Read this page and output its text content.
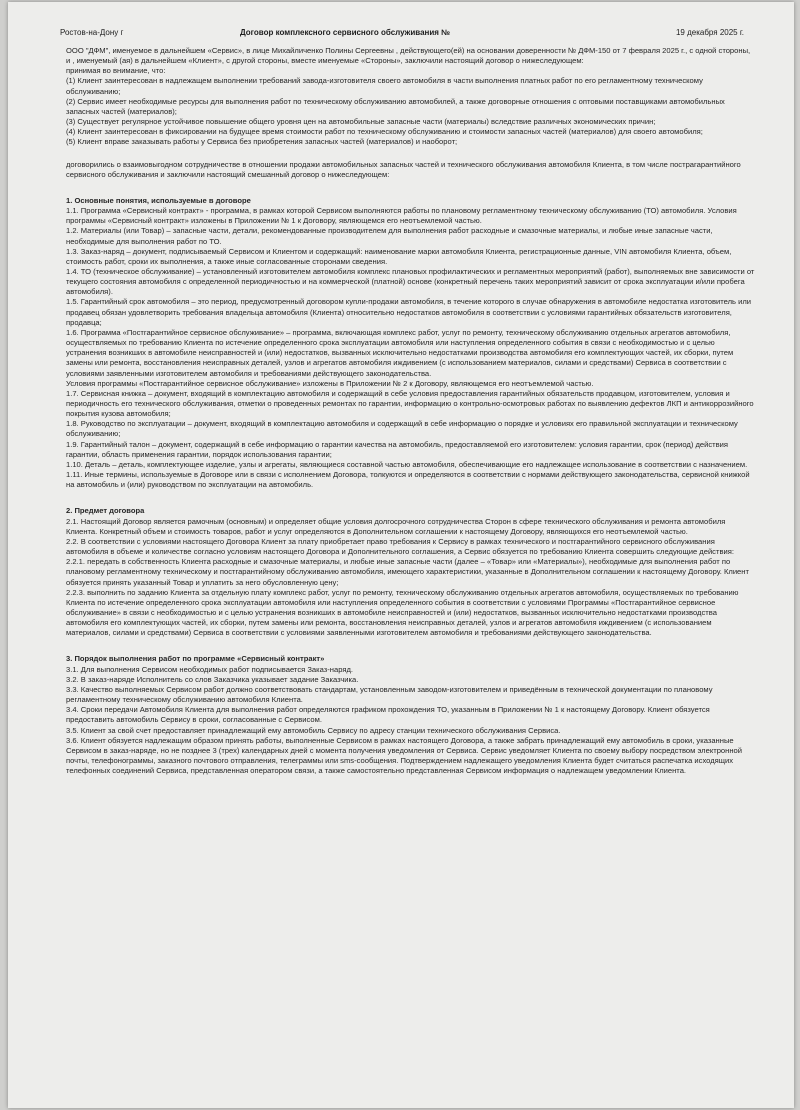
Ростов-на-Дону г	Договор комплексного сервисного обслуживания №	19 декабря 2025 г.

ООО "ДФМ", именуемое в дальнейшем «Сервис», в лице Михайличенко Полины Сергеевны , действующего(ей) на основании доверенности № ДФМ-150 от 7 февраля 2025 г., с одной стороны, и , именуемый (ая) в дальнейшем «Клиент», с другой стороны, вместе именуемые «Стороны», заключили настоящий договор о нижеследующем:

принимая во внимание, что:

(1) Клиент заинтересован в надлежащем выполнении требований завода-изготовителя своего автомобиля в части выполнения платных работ по его регламентному техническому обслуживанию;

(2) Сервис имеет необходимые ресурсы для выполнения работ по техническому обслуживанию автомобилей, а также договорные отношения с оптовыми поставщиками автомобильных запасных частей (материалов);

(3) Существует регулярное устойчивое повышение общего уровня цен на автомобильные запасные части (материалы) вследствие различных экономических причин;

(4) Клиент заинтересован в фиксировании на будущее время стоимости работ по техническому обслуживанию и стоимости запасных частей (материалов) для своего автомобиля;

(5) Клиент вправе заказывать работы у Сервиса без приобретения запасных частей (материалов) и наоборот;

договорились о взаимовыгодном сотрудничестве в отношении продажи автомобильных запасных частей и технического обслуживания автомобиля Клиента, в том числе пострагарантийного сервисного обслуживания и заключили настоящий смешанный договор о нижеследующем:

1. Основные понятия, используемые в договоре

1.1. Программа «Сервисный контракт» - программа, в рамках которой Сервисом выполняются работы по плановому регламентному техническому обслуживанию (ТО) автомобиля. Условия программы «Сервисный контракт» изложены в Приложении № 1 к Договору, являющемся его неотъемлемой частью.

1.2. Материалы (или Товар) – запасные части, детали, рекомендованные производителем для выполнения работ расходные и смазочные материалы, и любые иные запасные части, необходимые для выполнения работ по ТО.

1.3. Заказ-наряд – документ, подписываемый Сервисом и Клиентом и содержащий: наименование марки автомобиля Клиента, регистрационные данные, VIN автомобиля Клиента, объем, стоимость работ, сроки их выполнения, а также иные согласованные сторонами сведения.

1.4. ТО (техническое обслуживание) – установленный изготовителем автомобиля комплекс плановых профилактических и регламентных мероприятий (работ), выполняемых вне зависимости от текущего состояния автомобиля с определенной периодичностью и на коммерческой (платной) основе (конкретный перечень таких мероприятий зависит от срока эксплуатации и/или пробега автомобиля).

1.5. Гарантийный срок автомобиля – это период, предусмотренный договором купли-продажи автомобиля, в течение которого в случае обнаружения в автомобиле недостатка изготовитель или продавец обязан удовлетворить требования владельца автомобиля (Клиента) относительно недостатков автомобиля в соответствии с условиями гарантийных обязательств изготовителя, продавца;

1.6. Программа «Постгарантийное сервисное обслуживание» – программа, включающая комплекс работ, услуг по ремонту, техническому обслуживанию отдельных агрегатов автомобиля, осуществляемых по требованию Клиента по истечение определенного срока эксплуатации автомобиля или наступления определенного события в связи с необходимостью и с целью устранения возникших в автомобиле неисправностей и (или) недостатков, вызванных исключительно недостатками производства автомобиля его комплектующих частей, их сборки, путем замены или ремонта, восстановления неисправных деталей, узлов и агрегатов автомобиля иждивением (с использованием материалов, силами и средствами) Сервиса в соответствии с условиями заявленными изготовителем автомобиля и требованиями действующего законодательства.

Условия программы «Постгарантийное сервисное обслуживание» изложены в Приложении № 2 к Договору, являющемся его неотъемлемой частью.

1.7. Сервисная книжка – документ, входящий в комплектацию автомобиля и содержащий в себе условия предоставления гарантийных обязательств продавцом, изготовителем, условия и периодичность его технического обслуживания, отметки о проведенных ремонтах по гарантии, информацию о контрольно-осмотровых работах по выявлению дефектов ЛКП и антикоррозийного покрытия кузова автомобиля;

1.8. Руководство по эксплуатации – документ, входящий в комплектацию автомобиля и содержащий в себе информацию о порядке и условиях его правильной эксплуатации и техническому обслуживанию;

1.9. Гарантийный талон – документ, содержащий в себе информацию о гарантии качества на автомобиль, предоставляемой его изготовителем: условия гарантии, срок (период) действия гарантии, область применения гарантии, порядок использования гарантии;

1.10. Деталь – деталь, комплектующее изделие, узлы и агрегаты, являющиеся составной частью автомобиля, обеспечивающие его надлежащее использование в соответствии с назначением.

1.11. Иные термины, используемые в Договоре или в связи с исполнением Договора, толкуются и определяются в соответствии с нормами действующего законодательства, сервисной книжкой на автомобиль и (или) руководством по эксплуатации на автомобиль.

2. Предмет договора

2.1. Настоящий Договор является рамочным (основным) и определяет общие условия долгосрочного сотрудничества Сторон в сфере технического обслуживания и ремонта автомобиля Клиента. Конкретный объем и стоимость товаров, работ и услуг определяются в Дополнительном соглашении к настоящему Договору, являющихся его неотъемлемой частью.

2.2. В соответствии с условиями настоящего Договора Клиент за плату приобретает право требования к Сервису в рамках технического и постгарантийного сервисного обслуживания автомобиля в объеме и количестве согласно условиям настоящего Договора и Дополнительного соглашения, а Сервис обязуется по требованию Клиента совершить следующие действия:

2.2.1. передать в собственность Клиента расходные и смазочные материалы, и любые иные запасные части (далее – «Товар» или «Материалы»), необходимые для выполнения работ по плановому регламентному техническому и постгарантийному обслуживанию автомобиля, имеющего характеристики, указанные в Дополнительном соглашении к настоящему Договору. Клиент обязуется принять указанный Товар и уплатить за него обусловленную цену;

2.2.3. выполнить по заданию Клиента за отдельную плату комплекс работ, услуг по ремонту, техническому обслуживанию отдельных агрегатов автомобиля, осуществляемых по требованию Клиента по истечение определенного срока эксплуатации автомобиля или наступления определенного события в соответствии с условиями Программы «Постгарантийное сервисное обслуживание» в связи с необходимостью и с целью устранения возникших в автомобиле неисправностей и (или) недостатков, вызванных исключительно недостатками производства автомобиля его комплектующих частей, их сборки, путем замены или ремонта, восстановления неисправных деталей, узлов и агрегатов автомобиля иждивением (с использованием материалов, силами и средствами) Сервиса в соответствии с условиями заявленными изготовителем автомобиля и требованиями действующего законодательства.

3. Порядок выполнения работ по программе «Сервисный контракт»

3.1. Для выполнения Сервисом необходимых работ подписывается Заказ-наряд.

3.2. В заказ-наряде Исполнитель со слов Заказчика указывает задание Заказчика.

3.3. Качество выполняемых Сервисом работ должно соответствовать стандартам, установленным заводом-изготовителем и приведённым в технической документации по плановому регламентному техническому обслуживанию автомобиля Клиента.

3.4. Сроки передачи Автомобиля Клиента для выполнения работ определяются графиком прохождения ТО, указанным в Приложении № 1 к настоящему Договору. Клиент обязуется предоставить автомобиль Сервису в сроки, согласованные с Сервисом.

3.5. Клиент за свой счет предоставляет принадлежащий ему автомобиль Сервису по адресу станции технического обслуживания Сервиса.

3.6. Клиент обязуется надлежащим образом принять работы, выполненные Сервисом в рамках настоящего Договора, а также забрать принадлежащий ему автомобиль в сроки, указанные Сервисом в заказ-наряде, но не позднее 3 (трех) календарных дней с момента получения уведомления от Сервиса. Сервис уведомляет Клиента по своему выбору посредством электронной почты, телефонограммы, заказного почтового отправления, телеграммы или sms-сообщения. Подтверждением надлежащего уведомления Клиента будет считаться распечатка исходящих телефонных соединений Сервиса, представленная оператором связи, а также самостоятельно представленная Сервисом информация о надлежащем уведомлении Клиента.
